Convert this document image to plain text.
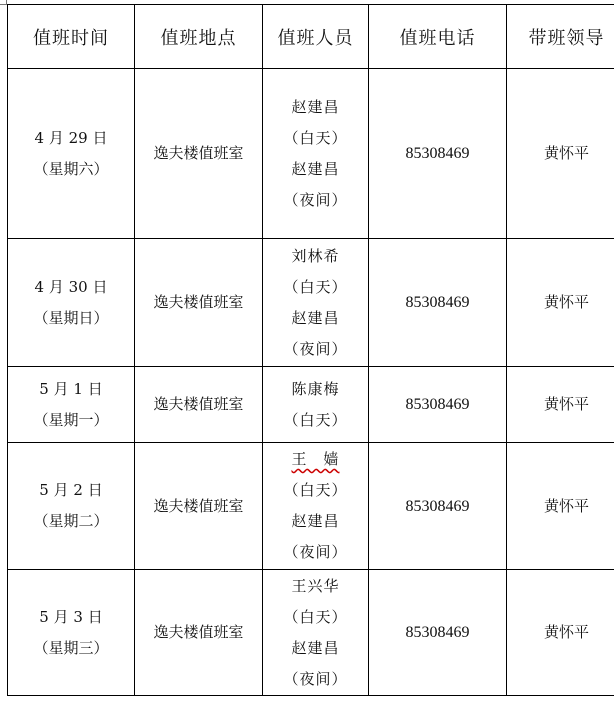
值班时间	值班地点	值班人员	值班电话	带班领导

4 月 29 日
（星期六）	逸夫楼值班室	赵建昌
（白天）
赵建昌
（夜间）	85308469	黄怀平

4 月 30 日
（星期日）	逸夫楼值班室	刘林希
（白天）
赵建昌
（夜间）	85308469	黄怀平

5 月 1 日
（星期一）	逸夫楼值班室	陈康梅
（白天）	85308469	黄怀平

5 月 2 日
（星期二）	逸夫楼值班室	王　嫱
（白天）
赵建昌
（夜间）	85308469	黄怀平

5 月 3 日
（星期三）	逸夫楼值班室	王兴华
（白天）
赵建昌
（夜间）	85308469	黄怀平
